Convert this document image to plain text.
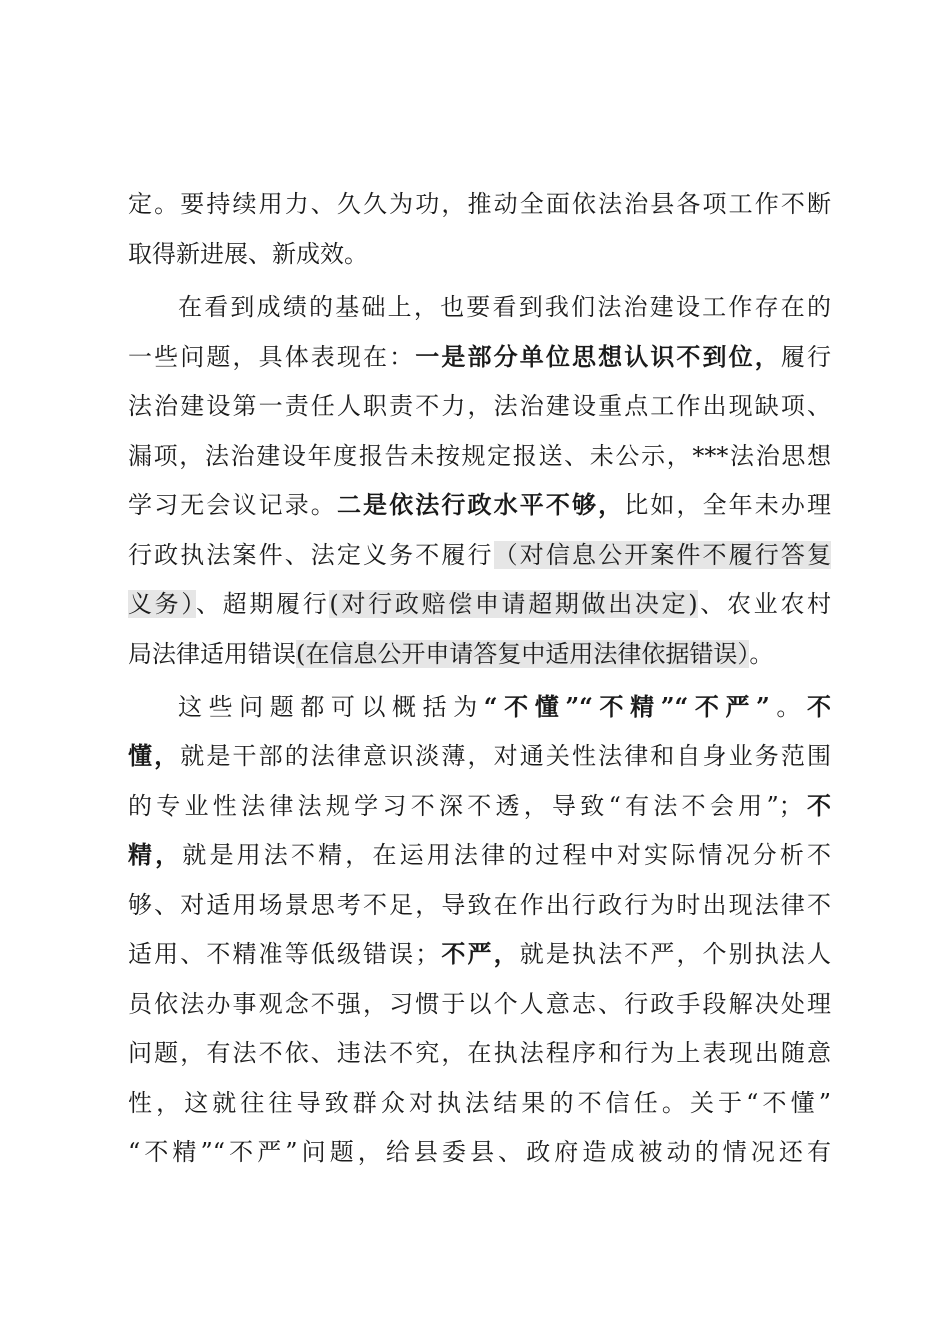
定。要持续用力、久久为功，推动全面依法治县各项工作不断
取得新进展、新成效。
在看到成绩的基础上，也要看到我们法治建设工作存在的
一些问题，具体表现在：一是部分单位思想认识不到位，履行
法治建设第一责任人职责不力，法治建设重点工作出现缺项、
漏项，法治建设年度报告未按规定报送、未公示，***法治思想
学习无会议记录。二是依法行政水平不够，比如，全年未办理
行政执法案件、法定义务不履行（对信息公开案件不履行答复
义务）、超期履行(对行政赔偿申请超期做出决定)、农业农村
局法律适用错误(在信息公开申请答复中适用法律依据错误）。
这些问题都可以概括为“不懂”“不精”“不严”。不
懂，就是干部的法律意识淡薄，对通关性法律和自身业务范围
的专业性法律法规学习不深不透，导致“有法不会用”；不
精，就是用法不精，在运用法律的过程中对实际情况分析不
够、对适用场景思考不足，导致在作出行政行为时出现法律不
适用、不精准等低级错误；不严，就是执法不严，个别执法人
员依法办事观念不强，习惯于以个人意志、行政手段解决处理
问题，有法不依、违法不究，在执法程序和行为上表现出随意
性，这就往往导致群众对执法结果的不信任。关于“不懂”
“不精”“不严”问题，给县委县、政府造成被动的情况还有
